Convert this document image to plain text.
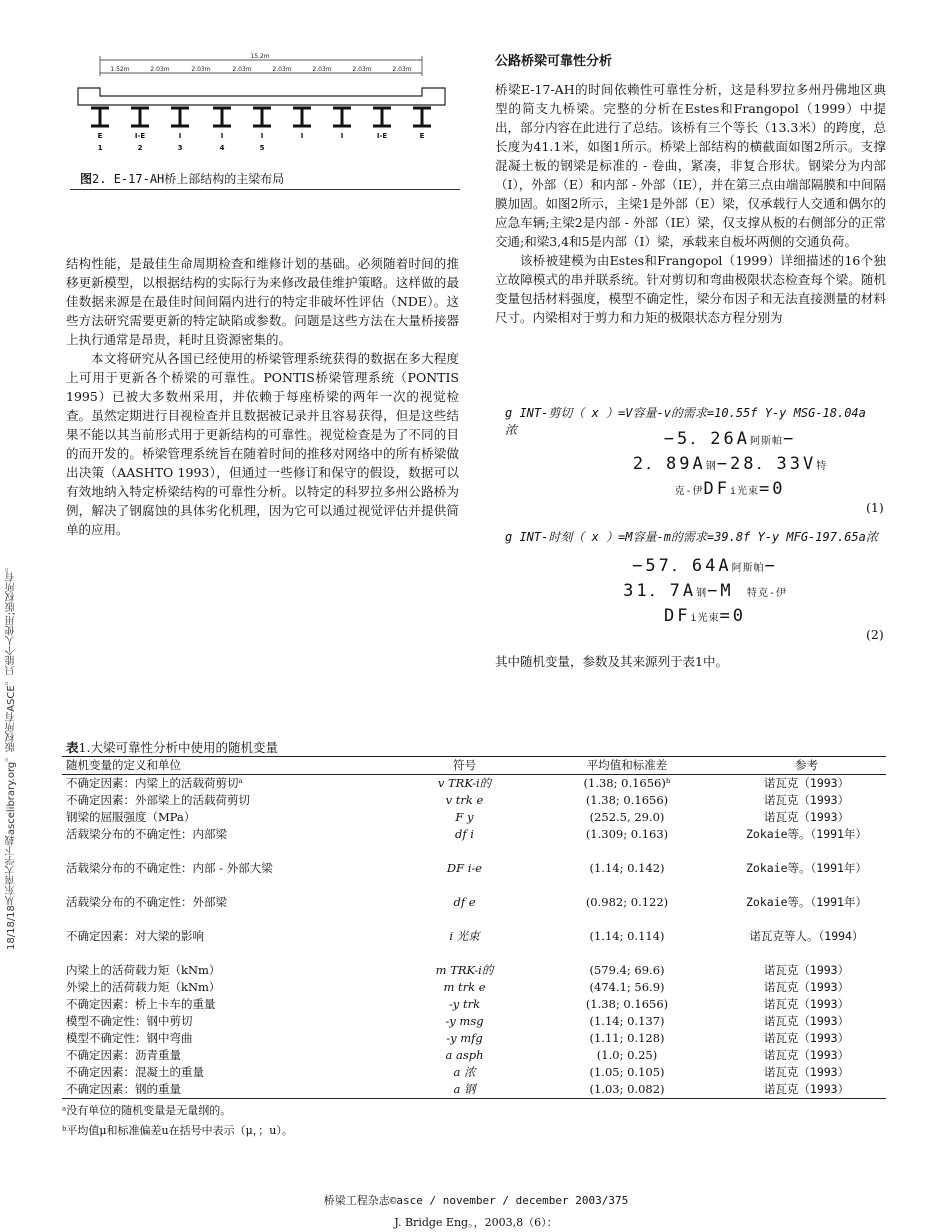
18/18/18从东南大学下载ascelibrary.org。版权所有ASCE。只能个人使用;版权所有。
15.2m
1.52m	2.03m	2.03m	2.03m	2.03m	2.03m	2.03m	2.03m
E
1
I-E
2
I
3
I
4
I
5
I	I	I-E	E
图2. E-17-AH桥上部结构的主梁布局

结构性能，是最佳生命周期检查和维修计划的基础。必须随着时间的推移更新模型，以根据结构的实际行为来修改最佳维护策略。这样做的最佳数据来源是在最佳时间间隔内进行的特定非破坏性评估（NDE）。这些方法研究需要更新的特定缺陷或参数。问题是这些方法在大量桥接器上执行通常是昂贵，耗时且资源密集的。

本文将研究从各国已经使用的桥梁管理系统获得的数据在多大程度上可用于更新各个桥梁的可靠性。PONTIS桥梁管理系统（PONTIS 1995）已被大多数州采用，并依赖于每座桥梁的两年一次的视觉检查。虽然定期进行目视检查并且数据被记录并且容易获得，但是这些结果不能以其当前形式用于更新结构的可靠性。视觉检查是为了不同的目的而开发的。桥梁管理系统旨在随着时间的推移对网络中的所有桥梁做出决策（AASHTO 1993），但通过一些修订和保守的假设，数据可以有效地纳入特定桥梁结构的可靠性分析。以特定的科罗拉多州公路桥为例，解决了钢腐蚀的具体劣化机理，因为它可以通过视觉评估并提供简单的应用。

公路桥梁可靠性分析

桥梁E-17-AH的时间依赖性可靠性分析，这是科罗拉多州丹佛地区典型的简支九桥梁。完整的分析在Estes和Frangopol（1999）中提出，部分内容在此进行了总结。该桥有三个等长（13.3米）的跨度，总长度为41.1米，如图1所示。桥梁上部结构的横截面如图2所示。支撑混凝土板的钢梁是标准的 - 卷曲，紧凑，非复合形状。钢梁分为内部（I），外部（E）和内部 - 外部（IE），并在第三点由端部隔膜和中间隔膜加固。如图2所示，主梁1是外部（E）梁，仅承载行人交通和偶尔的应急车辆;主梁2是内部 - 外部（IE）梁，仅支撑从板的右侧部分的正常交通;和梁3,4和5是内部（I）梁，承载来自板坏两侧的交通负荷。

该桥被建模为由Estes和Frangopol（1999）详细描述的16个独立故障模式的串并联系统。针对剪切和弯曲极限状态检查每个梁。随机变量包括材料强度，模型不确定性，梁分布因子和无法直接测量的材料尺寸。内梁相对于剪力和力矩的极限状态方程分别为

g INT-剪切（ x ）=V容量-v的需求=10.55f Y-y MSG-18.04a 浓	−5．26A阿斯帕−
2．89A钢−28．33V特
克-伊DFi光束=0
(1)
g INT-时刻（ x ）=M容量-m的需求=39.8f Y-y MFG-197.65a浓
−57．64A阿斯帕−
31．7A钢−M 特克-伊
DFi光束=0
(2)
其中随机变量，参数及其来源列于表1中。
表1.大梁可靠性分析中使用的随机变量
随机变量的定义和单位	符号	平均值和标准差	参考
不确定因素：内梁上的活载荷剪切ᵃ	v TRK-i的	(1.38; 0.1656)ᵇ	诺瓦克（1993）
不确定因素：外部梁上的活载荷剪切	v trk e	(1.38; 0.1656)	诺瓦克（1993）
钢梁的屈服强度（MPa）	F y	(252.5, 29.0)	诺瓦克（1993）
活载梁分布的不确定性：内部梁	df i	(1.309; 0.163)	Zokaie等。（1991年）
活载梁分布的不确定性：内部 - 外部大梁	DF i-e	(1.14; 0.142)	Zokaie等。（1991年）
活载梁分布的不确定性：外部梁	df e	(0.982; 0.122)	Zokaie等。（1991年）
不确定因素：对大梁的影响	i 光束	(1.14; 0.114)	诺瓦克等人。（1994）
内梁上的活荷载力矩（kNm）	m TRK-i的	(579.4; 69.6)	诺瓦克（1993）
外梁上的活荷载力矩（kNm）	m trk e	(474.1; 56.9)	诺瓦克（1993）
不确定因素：桥上卡车的重量	-y trk	(1.38; 0.1656)	诺瓦克（1993）
模型不确定性：钢中剪切	-y msg	(1.14; 0.137)	诺瓦克（1993）
模型不确定性：钢中弯曲	-y mfg	(1.11; 0.128)	诺瓦克（1993）
不确定因素：沥青重量	a asph	(1.0; 0.25)	诺瓦克（1993）
不确定因素：混凝土的重量	a 浓	(1.05; 0.105)	诺瓦克（1993）
不确定因素：钢的重量	a 钢	(1.03; 0.082)	诺瓦克（1993）
ᵃ没有单位的随机变量是无量纲的。
ᵇ平均值μ和标准偏差u在括号中表示（μ，；u）。
桥梁工程杂志©asce / november / december 2003/375
J. Bridge Eng。，2003,8（6）：
